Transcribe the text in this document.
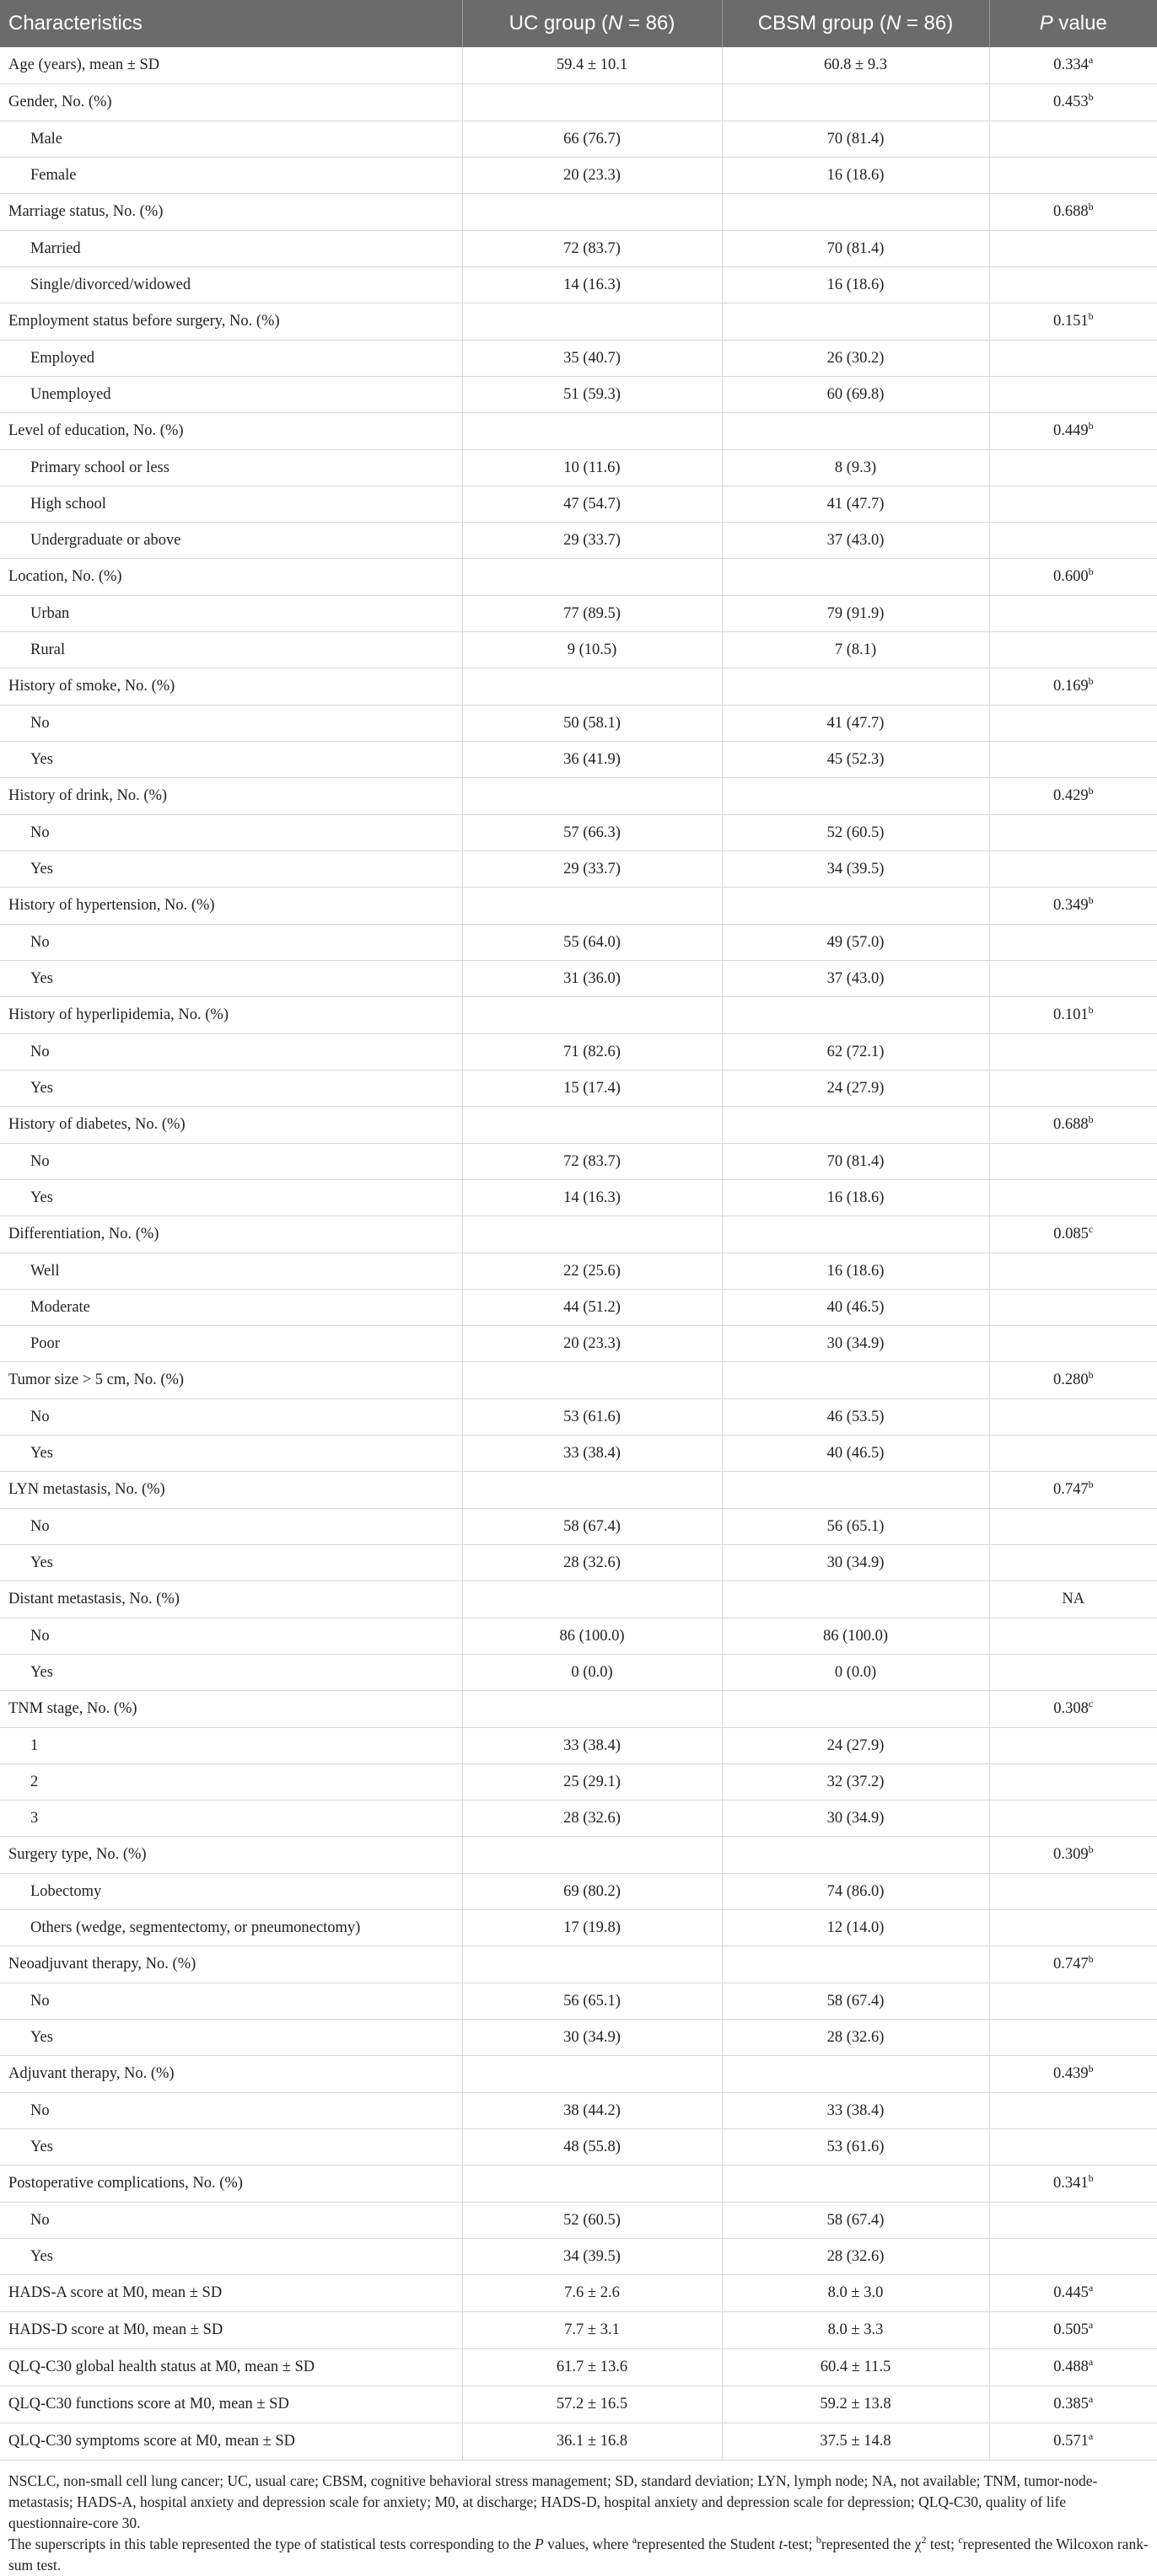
Characteristics	UC group (N = 86)	CBSM group (N = 86)	P value
Age (years), mean ± SD	59.4 ± 10.1	60.8 ± 9.3	0.334$^a$
Gender, No. (%)			0.453$^b$
Male	66 (76.7)	70 (81.4)	
Female	20 (23.3)	16 (18.6)	
Marriage status, No. (%)			0.688$^b$
Married	72 (83.7)	70 (81.4)	
Single/divorced/widowed	14 (16.3)	16 (18.6)	
Employment status before surgery, No. (%)			0.151$^b$
Employed	35 (40.7)	26 (30.2)	
Unemployed	51 (59.3)	60 (69.8)	
Level of education, No. (%)			0.449$^b$
Primary school or less	10 (11.6)	8 (9.3)	
High school	47 (54.7)	41 (47.7)	
Undergraduate or above	29 (33.7)	37 (43.0)	
Location, No. (%)			0.600$^b$
Urban	77 (89.5)	79 (91.9)	
Rural	9 (10.5)	7 (8.1)	
History of smoke, No. (%)			0.169$^b$
No	50 (58.1)	41 (47.7)	
Yes	36 (41.9)	45 (52.3)	
History of drink, No. (%)			0.429$^b$
No	57 (66.3)	52 (60.5)	
Yes	29 (33.7)	34 (39.5)	
History of hypertension, No. (%)			0.349$^b$
No	55 (64.0)	49 (57.0)	
Yes	31 (36.0)	37 (43.0)	
History of hyperlipidemia, No. (%)			0.101$^b$
No	71 (82.6)	62 (72.1)	
Yes	15 (17.4)	24 (27.9)	
History of diabetes, No. (%)			0.688$^b$
No	72 (83.7)	70 (81.4)	
Yes	14 (16.3)	16 (18.6)	
Differentiation, No. (%)			0.085$^c$
Well	22 (25.6)	16 (18.6)	
Moderate	44 (51.2)	40 (46.5)	
Poor	20 (23.3)	30 (34.9)	
Tumor size > 5 cm, No. (%)			0.280$^b$
No	53 (61.6)	46 (53.5)	
Yes	33 (38.4)	40 (46.5)	
LYN metastasis, No. (%)			0.747$^b$
No	58 (67.4)	56 (65.1)	
Yes	28 (32.6)	30 (34.9)	
Distant metastasis, No. (%)			NA
No	86 (100.0)	86 (100.0)	
Yes	0 (0.0)	0 (0.0)	
TNM stage, No. (%)			0.308$^c$
1	33 (38.4)	24 (27.9)	
2	25 (29.1)	32 (37.2)	
3	28 (32.6)	30 (34.9)	
Surgery type, No. (%)			0.309$^b$
Lobectomy	69 (80.2)	74 (86.0)	
Others (wedge, segmentectomy, or pneumonectomy)	17 (19.8)	12 (14.0)	
Neoadjuvant therapy, No. (%)			0.747$^b$
No	56 (65.1)	58 (67.4)	
Yes	30 (34.9)	28 (32.6)	
Adjuvant therapy, No. (%)			0.439$^b$
No	38 (44.2)	33 (38.4)	
Yes	48 (55.8)	53 (61.6)	
Postoperative complications, No. (%)			0.341$^b$
No	52 (60.5)	58 (67.4)	
Yes	34 (39.5)	28 (32.6)	
HADS-A score at M0, mean ± SD	7.6 ± 2.6	8.0 ± 3.0	0.445$^a$
HADS-D score at M0, mean ± SD	7.7 ± 3.1	8.0 ± 3.3	0.505$^a$
QLQ-C30 global health status at M0, mean ± SD	61.7 ± 13.6	60.4 ± 11.5	0.488$^a$
QLQ-C30 functions score at M0, mean ± SD	57.2 ± 16.5	59.2 ± 13.8	0.385$^a$
QLQ-C30 symptoms score at M0, mean ± SD	36.1 ± 16.8	37.5 ± 14.8	0.571$^a$

NSCLC, non-small cell lung cancer; UC, usual care; CBSM, cognitive behavioral stress management; SD, standard deviation; LYN, lymph node; NA, not available; TNM, tumor-node-metastasis; HADS-A, hospital anxiety and depression scale for anxiety; M0, at discharge; HADS-D, hospital anxiety and depression scale for depression; QLQ-C30, quality of life questionnaire-core 30.

The superscripts in this table represented the type of statistical tests corresponding to the P values, where $^a$represented the Student t-test; $^b$represented the $\chi^2$ test; $^c$represented the Wilcoxon rank-sum test.
